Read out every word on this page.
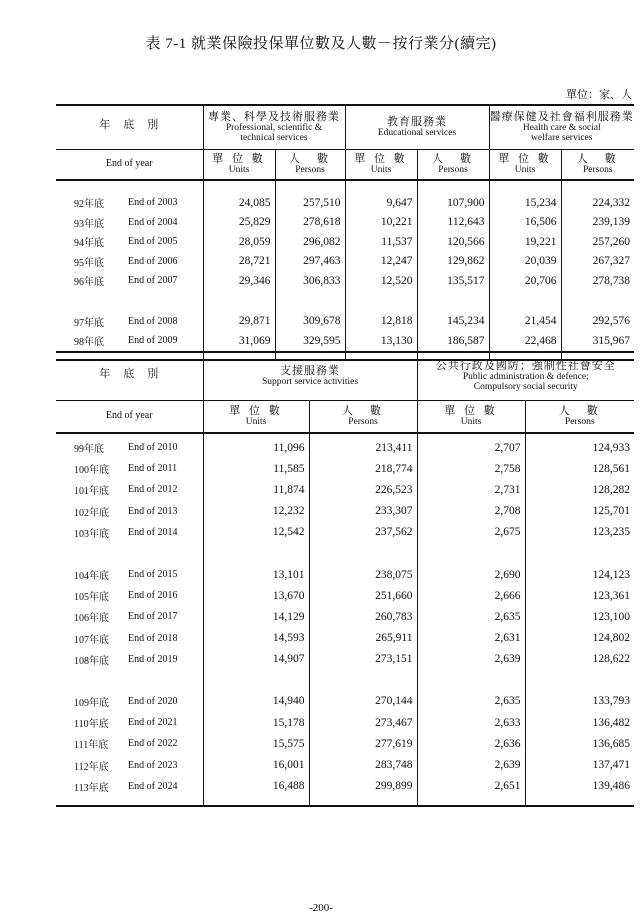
表 7-1 就業保險投保單位數及人數－按行業分(續完)
單位：家、人
年　底　別		專業、科學及技術服務業
Professional, scientific &
technical services		教育服務業
Educational services		醫療保健及社會福利服務業
Health care & social
welfare services	

End of year		單 位 數
Units	人　數
Persons	單 位 數
Units	人　數
Persons	單 位 數
Units	人　數
Persons

92年底	End of 2003	24,085	257,510	9,647	107,900	15,234	224,332
93年底	End of 2004	25,829	278,618	10,221	112,643	16,506	239,139
94年底	End of 2005	28,059	296,082	11,537	120,566	19,221	257,260
95年底	End of 2006	28,721	297,463	12,247	129,862	20,039	267,327
96年底	End of 2007	29,346	306,833	12,520	135,517	20,706	278,738

97年底	End of 2008	29,871	309,678	12,818	145,234	21,454	292,576
98年底	End of 2009	31,069	329,595	13,130	186,587	22,468	315,967

年　底　別	支援服務業
Support service activities		公共行政及國防；強制性社會安全
Public administration & defence;
Compulsory social security	

End of year	單 位 數
Units	人　數
Persons	單 位 數
Units	人　數
Persons

99年底	End of 2010	11,096	213,411	2,707	124,933
100年底	End of 2011	11,585	218,774	2,758	128,561
101年底	End of 2012	11,874	226,523	2,731	128,282
102年底	End of 2013	12,232	233,307	2,708	125,701
103年底	End of 2014	12,542	237,562	2,675	123,235

104年底	End of 2015	13,101	238,075	2,690	124,123
105年底	End of 2016	13,670	251,660	2,666	123,361
106年底	End of 2017	14,129	260,783	2,635	123,100
107年底	End of 2018	14,593	265,911	2,631	124,802
108年底	End of 2019	14,907	273,151	2,639	128,622

109年底	End of 2020	14,940	270,144	2,635	133,793
110年底	End of 2021	15,178	273,467	2,633	136,482
111年底	End of 2022	15,575	277,619	2,636	136,685
112年底	End of 2023	16,001	283,748	2,639	137,471
113年底	End of 2024	16,488	299,899	2,651	139,486

-200-
